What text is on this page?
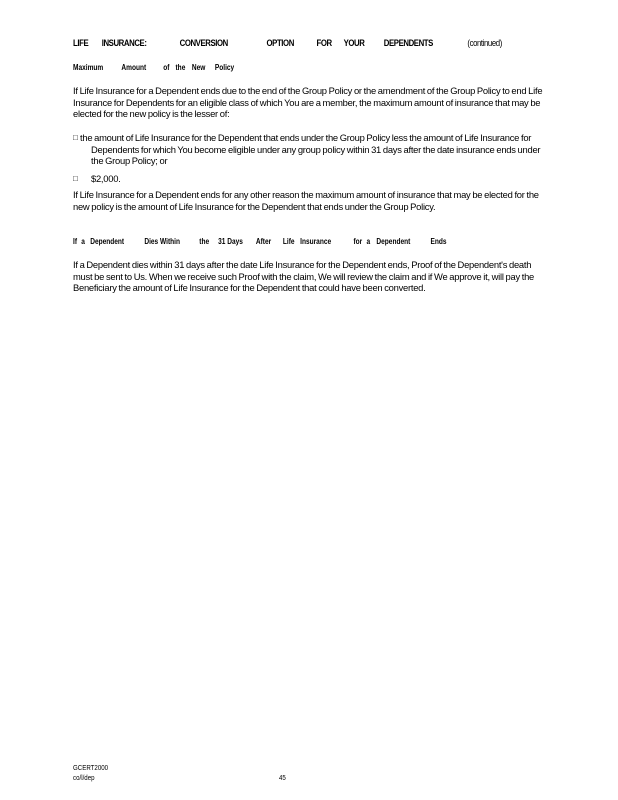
LIFE INSURANCE:	CONVERSION	OPTION FOR YOUR DEPENDENTS	(continued)
Maximum Amount of the New Policy
If Life Insurance for a Dependent ends due to the end of the Group Policy or the amendment of the Group Policy to end Life Insurance for Dependents for an eligible class of which You are a member, the maximum amount of insurance that may be elected for the new policy is the lesser of:
□ the amount of Life Insurance for the Dependent that ends under the Group Policy less the amount of Life Insurance for Dependents for which You become eligible under any group policy within 31 days after the date insurance ends under the Group Policy; or
□	$2,000.
If Life Insurance for a Dependent ends for any other reason the maximum amount of insurance that may be elected for the new policy is the amount of Life Insurance for the Dependent that ends under the Group Policy.
If a Dependent	Dies Within the 31 Days After Life Insurance	for a Dependent	Ends
If a Dependent dies within 31 days after the date Life Insurance for the Dependent ends, Proof of the Dependent's death must be sent to Us. When we receive such Proof with the claim, We will review the claim and if We approve it, will pay the Beneficiary the amount of Life Insurance for the Dependent that could have been converted.
GCERT2000
co/l/dep	45
